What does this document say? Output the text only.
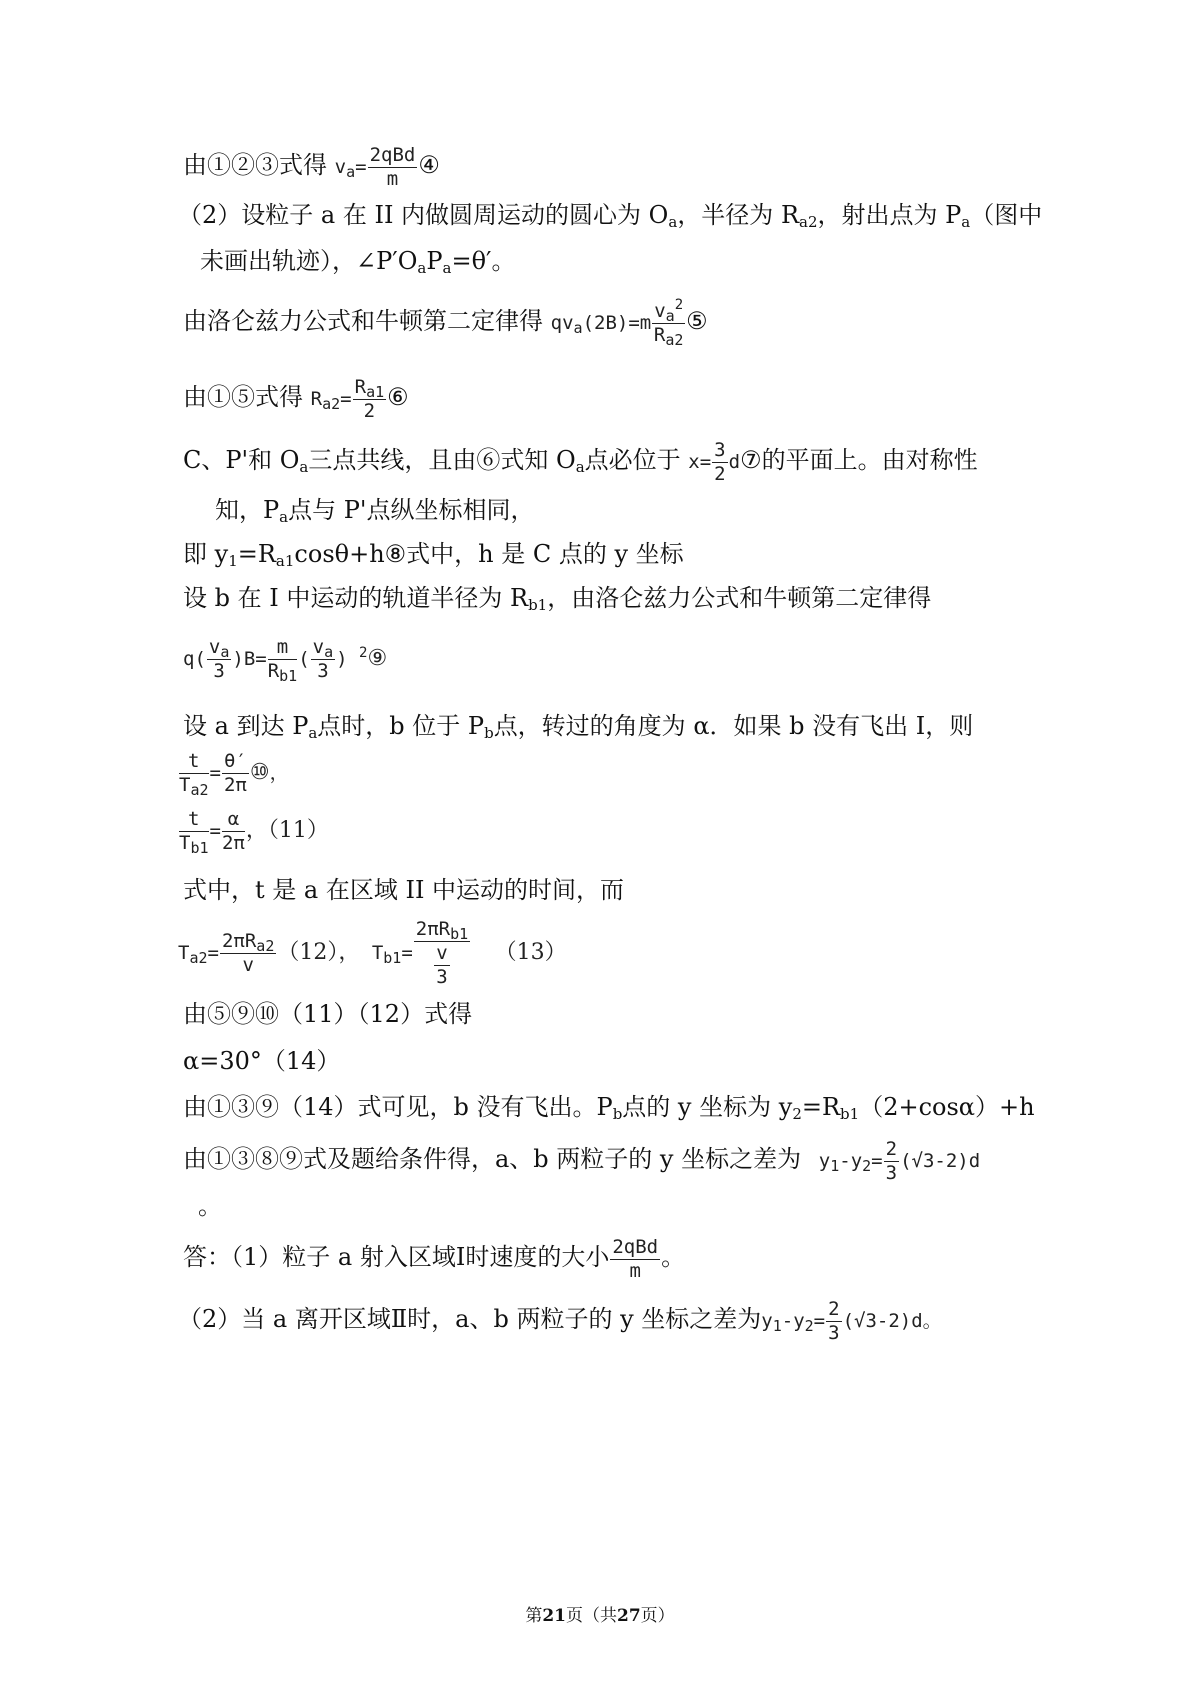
由①②③式得 $v_a=$
2qBd
m ④
（2）设粒子 a 在 II 内做圆周运动的圆心为 $O_a$，半径为 $R_{a2}$，射出点为 $P_a$（图中
未画出轨迹），$\angle P'O_aP_a=\theta'$。
由洛仑兹力公式和牛顿第二定律得 $qv_a(2B)=m \frac{v_a^2}{R_{a2}}$ ⑤
由①⑤式得 $R_{a2}= \frac{R_{a1}}{2}$ ⑥
C、P'和 $O_a$三点共线，且由⑥式知 $O_a$点必位于 $x= \frac{3}{2}$ d⑦的平面上。由对称性
知，$P_a$点与 P'点纵坐标相同，
即 $y_1=R_{a1}\cos\theta+h⑧$式中，h 是 C 点的 y 坐标
设 b 在 I 中运动的轨道半径为 $R_{b1}$，由洛仑兹力公式和牛顿第二定律得
$q( \frac{v_a}{3} )B= \frac{m}{R_{b1}}$ ( $\frac{v_a}{3}$ ) $^2$⑨
设 a 到达 $P_a$点时，b 位于 $P_b$点，转过的角度为 α．如果 b 没有飞出 I，则
$\frac{t}{T_{a2}} = \frac{\theta'}{2\pi}$ ⑩，
$\frac{t}{T_{b1}} = \frac{\alpha}{2\pi}$ ，（11）
式中，t 是 a 在区域 II 中运动的时间，而
$T_{a2}=$
$2\pi R_{a2}$
v	（12）， $T_{b1}=$
$2\pi R_{b1}$
$\frac{v}{3} (13)$
由⑤⑨⑩（11）（12）式得
α=30°（14）
由①③⑨（14）式可见，b 没有飞出。$P_b$点的 y 坐标为 $y_2=R_{b1}(2+\cos\alpha)+h$
由①③⑧⑨式及题给条件得，a、b 两粒子的 y 坐标之差为 $y_1-y_2= \frac{2}{3} (√3-2)d$
。
答：（1）粒子 a 射入区域Ⅰ时速度的大小 2qBd
m 。
（2）当 a 离开区域Ⅱ时，a、b 两粒子的 y 坐标之差为$y_1-y_2= \frac{2}{3} (√3-2)d$。
第21页（共27页）
